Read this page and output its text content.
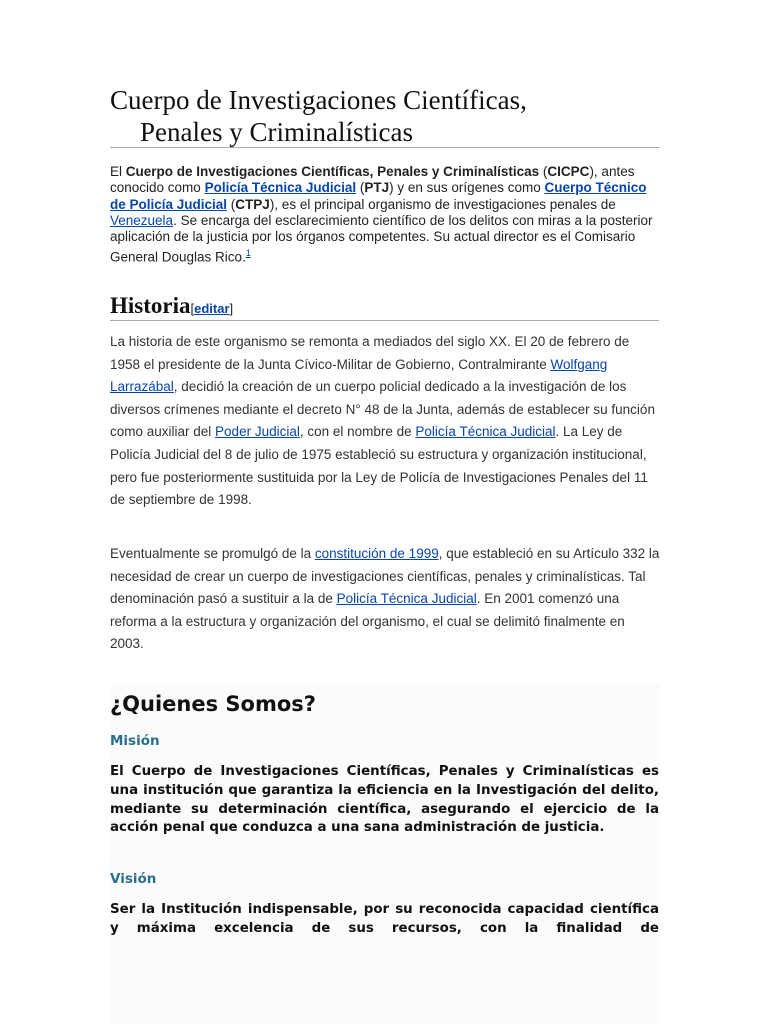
Cuerpo de Investigaciones Científicas,
Penales y Criminalísticas
El Cuerpo de Investigaciones Científicas, Penales y Criminalísticas (CICPC), antes conocido como Policía Técnica Judicial (PTJ) y en sus orígenes como Cuerpo Técnico de Policía Judicial (CTPJ), es el principal organismo de investigaciones penales de Venezuela. Se encarga del esclarecimiento científico de los delitos con miras a la posterior aplicación de la justicia por los órganos competentes. Su actual director es el Comisario General Douglas Rico.$^1$
Historia[editar]

La historia de este organismo se remonta a mediados del siglo XX. El 20 de febrero de 1958 el presidente de la Junta Cívico-Militar de Gobierno, Contralmirante Wolfgang Larrazábal, decidió la creación de un cuerpo policial dedicado a la investigación de los diversos crímenes mediante el decreto N° 48 de la Junta, además de establecer su función como auxiliar del Poder Judicial, con el nombre de Policía Técnica Judicial. La Ley de Policía Judicial del 8 de julio de 1975 estableció su estructura y organización institucional, pero fue posteriormente sustituida por la Ley de Policía de Investigaciones Penales del 11 de septiembre de 1998.

Eventualmente se promulgó de la constitución de 1999, que estableció en su Artículo 332 la necesidad de crear un cuerpo de investigaciones científicas, penales y criminalísticas. Tal denominación pasó a sustituir a la de Policía Técnica Judicial. En 2001 comenzó una reforma a la estructura y organización del organismo, el cual se delimitó finalmente en 2003.

¿Quienes Somos?
Misión

El Cuerpo de Investigaciones Científicas, Penales y Criminalísticas es una institución que garantiza la eficiencia en la Investigación del delito, mediante su determinación científica, asegurando el ejercicio de la acción penal que conduzca a una sana administración de justicia.

Visión

Ser la Institución indispensable, por su reconocida capacidad científica y máxima excelencia de sus recursos, con la finalidad de
